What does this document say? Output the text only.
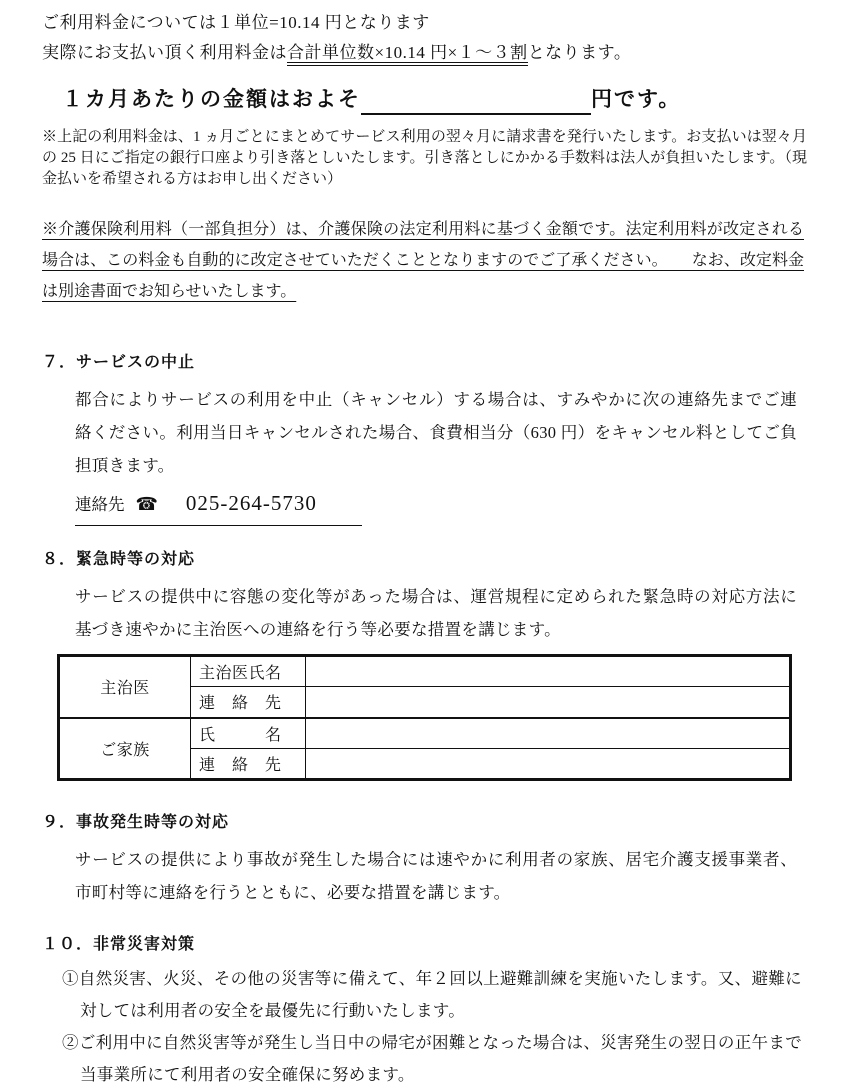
ご利用料金については１単位=10.14 円となります

実際にお支払い頂く利用料金は合計単位数×10.14 円×１～３割となります。

１カ月あたりの金額はおよそ	円です。

※上記の利用料金は、1 ヵ月ごとにまとめてサービス利用の翌々月に請求書を発行いたします。お支払いは翌々月の 25 日にご指定の銀行口座より引き落としいたします。引き落としにかかる手数料は法人が負担いたします。（現金払いを希望される方はお申し出ください）

※介護保険利用料（一部負担分）は、介護保険の法定利用料に基づく金額です。法定利用料が改定される場合は、この料金も自動的に改定させていただくこととなりますのでご了承ください。　　なお、改定料金は別途書面でお知らせいたします。

７．サービスの中止

都合によりサービスの利用を中止（キャンセル）する場合は、すみやかに次の連絡先までご連絡ください。利用当日キャンセルされた場合、食費相当分（630 円）をキャンセル料としてご負担頂きます。

連絡先 ☎ 025-264-5730

８．緊急時等の対応

サービスの提供中に容態の変化等があった場合は、運営規程に定められた緊急時の対応方法に基づき速やかに主治医への連絡を行う等必要な措置を講じます。

主治医	主治医氏名	
	連　絡　先	
ご家族	氏　　　名	
	連　絡　先	
９．事故発生時等の対応

サービスの提供により事故が発生した場合には速やかに利用者の家族、居宅介護支援事業者、市町村等に連絡を行うとともに、必要な措置を講じます。

１０．非常災害対策

①自然災害、火災、その他の災害等に備えて、年２回以上避難訓練を実施いたします。又、避難に対しては利用者の安全を最優先に行動いたします。

②ご利用中に自然災害等が発生し当日中の帰宅が困難となった場合は、災害発生の翌日の正午まで当事業所にて利用者の安全確保に努めます。
